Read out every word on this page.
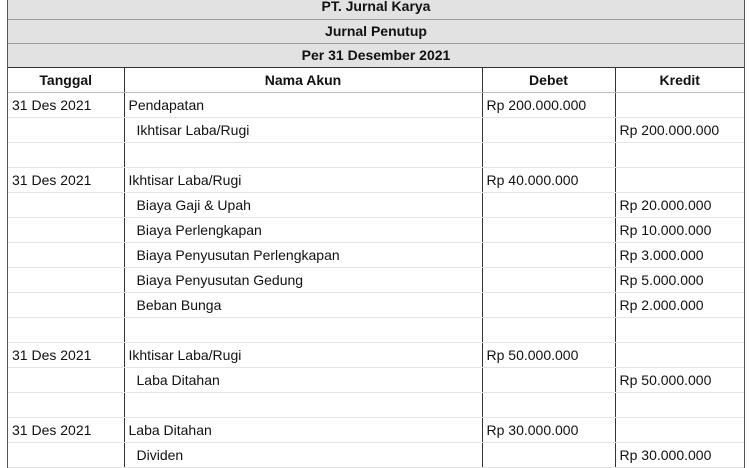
PT. Jurnal Karya
Jurnal Penutup
Per 31 Desember 2021
Tanggal	Nama Akun	Debet	Kredit
31 Des 2021	Pendapatan	Rp 200.000.000	
	Ikhtisar Laba/Rugi		Rp 200.000.000

31 Des 2021	Ikhtisar Laba/Rugi	Rp 40.000.000	
	Biaya Gaji & Upah		Rp 20.000.000
	Biaya Perlengkapan		Rp 10.000.000
	Biaya Penyusutan Perlengkapan		Rp 3.000.000
	Biaya Penyusutan Gedung		Rp 5.000.000
	Beban Bunga		Rp 2.000.000

31 Des 2021	Ikhtisar Laba/Rugi	Rp 50.000.000	
	Laba Ditahan		Rp 50.000.000

31 Des 2021	Laba Ditahan	Rp 30.000.000	
	Dividen		Rp 30.000.000
